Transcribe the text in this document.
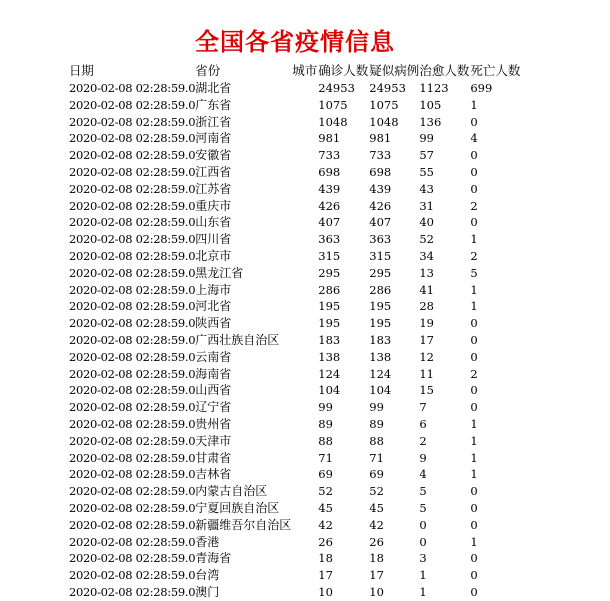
全国各省疫情信息
日期	省份	城市	确诊人数	疑似病例	治愈人数	死亡人数
2020-02-08 02:28:59.0	湖北省		24953	24953	1123	699
2020-02-08 02:28:59.0	广东省		1075	1075	105	1
2020-02-08 02:28:59.0	浙江省		1048	1048	136	0
2020-02-08 02:28:59.0	河南省		981	981	99	4
2020-02-08 02:28:59.0	安徽省		733	733	57	0
2020-02-08 02:28:59.0	江西省		698	698	55	0
2020-02-08 02:28:59.0	江苏省		439	439	43	0
2020-02-08 02:28:59.0	重庆市		426	426	31	2
2020-02-08 02:28:59.0	山东省		407	407	40	0
2020-02-08 02:28:59.0	四川省		363	363	52	1
2020-02-08 02:28:59.0	北京市		315	315	34	2
2020-02-08 02:28:59.0	黑龙江省		295	295	13	5
2020-02-08 02:28:59.0	上海市		286	286	41	1
2020-02-08 02:28:59.0	河北省		195	195	28	1
2020-02-08 02:28:59.0	陕西省		195	195	19	0
2020-02-08 02:28:59.0	广西壮族自治区		183	183	17	0
2020-02-08 02:28:59.0	云南省		138	138	12	0
2020-02-08 02:28:59.0	海南省		124	124	11	2
2020-02-08 02:28:59.0	山西省		104	104	15	0
2020-02-08 02:28:59.0	辽宁省		99	99	7	0
2020-02-08 02:28:59.0	贵州省		89	89	6	1
2020-02-08 02:28:59.0	天津市		88	88	2	1
2020-02-08 02:28:59.0	甘肃省		71	71	9	1
2020-02-08 02:28:59.0	吉林省		69	69	4	1
2020-02-08 02:28:59.0	内蒙古自治区		52	52	5	0
2020-02-08 02:28:59.0	宁夏回族自治区		45	45	5	0
2020-02-08 02:28:59.0	新疆维吾尔自治区		42	42	0	0
2020-02-08 02:28:59.0	香港		26	26	0	1
2020-02-08 02:28:59.0	青海省		18	18	3	0
2020-02-08 02:28:59.0	台湾		17	17	1	0
2020-02-08 02:28:59.0	澳门		10	10	1	0
